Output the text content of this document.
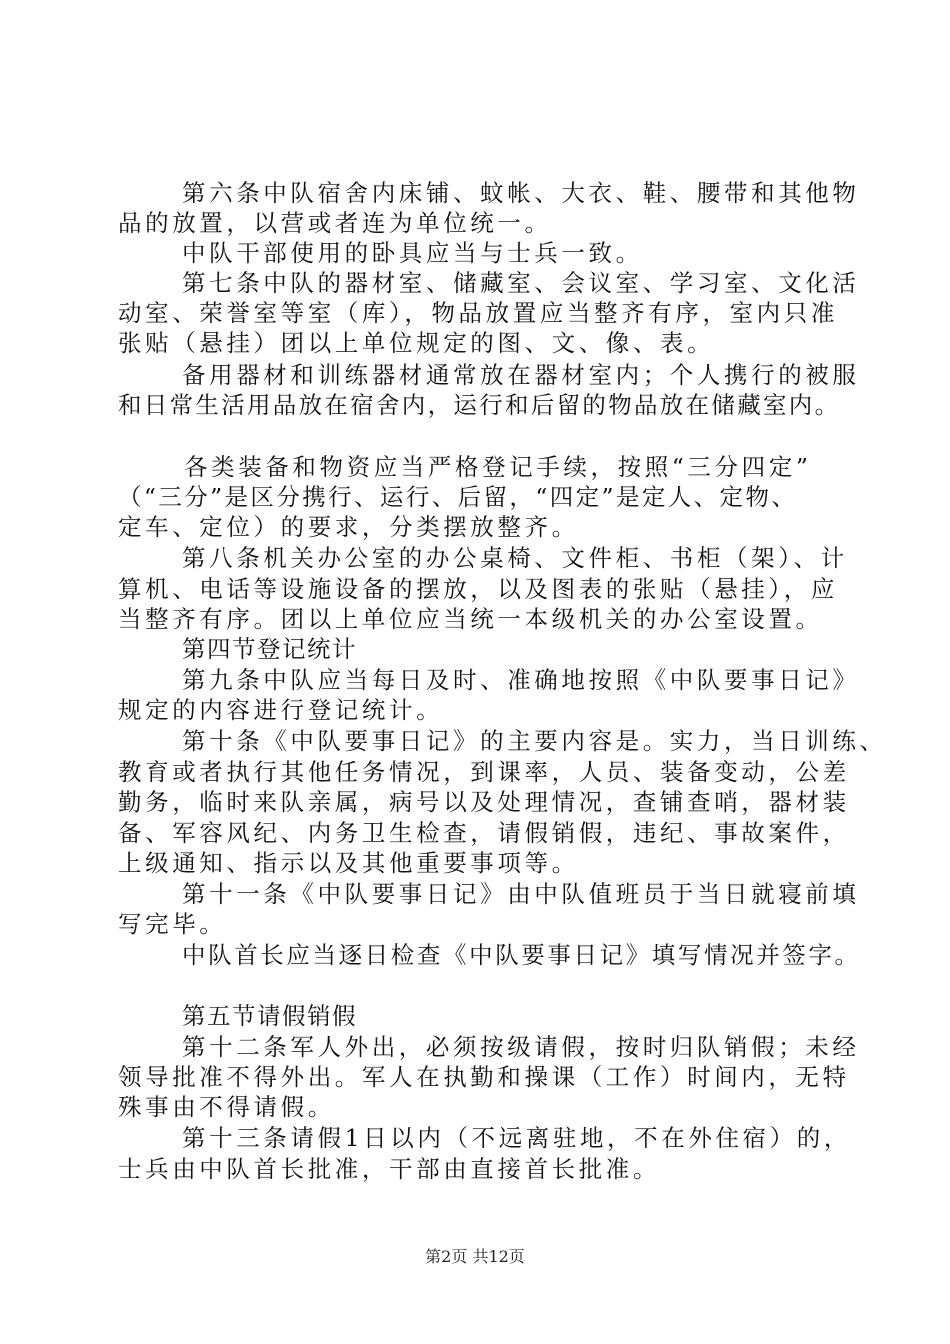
第六条中队宿舍内床铺、蚊帐、大衣、鞋、腰带和其他物
品的放置，以营或者连为单位统一。
中队干部使用的卧具应当与士兵一致。
第七条中队的器材室、储藏室、会议室、学习室、文化活
动室、荣誉室等室（库），物品放置应当整齐有序，室内只准
张贴（悬挂）团以上单位规定的图、文、像、表。
备用器材和训练器材通常放在器材室内；个人携行的被服
和日常生活用品放在宿舍内，运行和后留的物品放在储藏室内。
各类装备和物资应当严格登记手续，按照“三分四定”
（“三分”是区分携行、运行、后留，“四定”是定人、定物、
定车、定位）的要求，分类摆放整齐。
第八条机关办公室的办公桌椅、文件柜、书柜（架）、计
算机、电话等设施设备的摆放，以及图表的张贴（悬挂），应
当整齐有序。团以上单位应当统一本级机关的办公室设置。
第四节登记统计
第九条中队应当每日及时、准确地按照《中队要事日记》
规定的内容进行登记统计。
第十条《中队要事日记》的主要内容是。实力，当日训练、
教育或者执行其他任务情况，到课率，人员、装备变动，公差
勤务，临时来队亲属，病号以及处理情况，查铺查哨，器材装
备、军容风纪、内务卫生检查，请假销假，违纪、事故案件，
上级通知、指示以及其他重要事项等。
第十一条《中队要事日记》由中队值班员于当日就寝前填
写完毕。
中队首长应当逐日检查《中队要事日记》填写情况并签字。
第五节请假销假
第十二条军人外出，必须按级请假，按时归队销假；未经
领导批准不得外出。军人在执勤和操课（工作）时间内，无特
殊事由不得请假。
第十三条请假1日以内（不远离驻地，不在外住宿）的，
士兵由中队首长批准，干部由直接首长批准。
第2页 共12页
